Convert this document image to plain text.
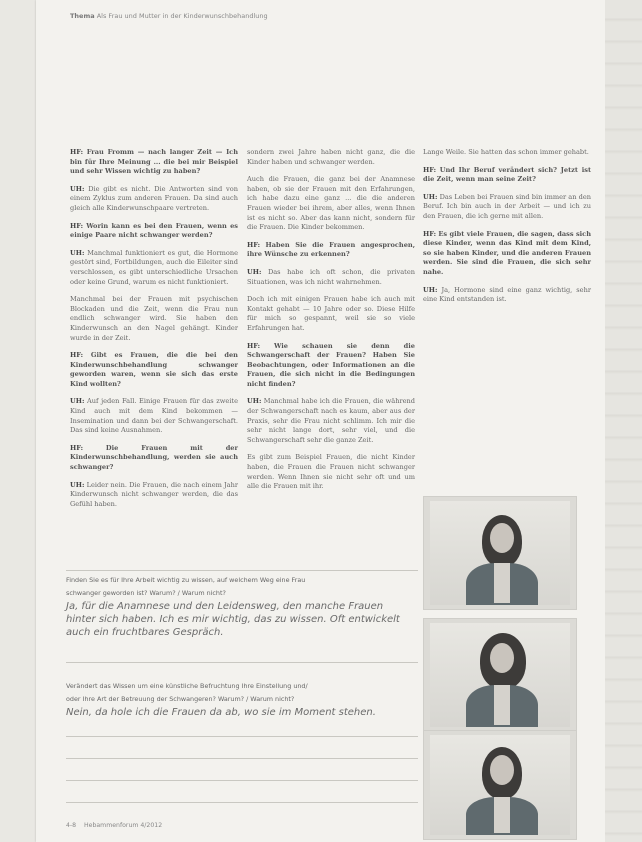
Thema Als Frau und Mutter in der Kinderwunschbehandlung

HF: Frau Fromm — nach langer Zeit — Ich bin für Ihre Meinung ... die bei mir Beispiel und sehr Wissen wichtig zu haben?

UH: Die gibt es nicht. Die Antworten sind von einem Zyklus zum anderen Frauen. Da sind auch gleich alle Kinderwunschpaare vertreten.

HF: Worin kann es bei den Frauen, wenn es einige Paare nicht schwanger werden?

UH: Manchmal funktioniert es gut, die Hormone gestört sind, Fortbildungen, auch die Eileiter sind verschlossen, es gibt unterschiedliche Ursachen oder keine Grund, warum es nicht funktioniert.

Manchmal bei der Frauen mit psychischen Blockaden und die Zeit, wenn die Frau nun endlich schwanger wird. Sie haben den Kinderwunsch an den Nagel gehängt. Kinder wurde in der Zeit.

HF: Gibt es Frauen, die die bei den Kinderwunschbehandlung schwanger geworden waren, wenn sie sich das erste Kind wollten?

UH: Auf jeden Fall. Einige Frauen für das zweite Kind auch mit dem Kind bekommen — Insemination und dann bei der Schwangerschaft. Das sind keine Ausnahmen.

HF:	Die Frauen mit der Kinderwunschbehandlung, werden sie auch schwanger?

UH: Leider nein. Die Frauen, die nach einem Jahr Kinderwunsch nicht schwanger werden, die das Gefühl haben.

sondern zwei Jahre haben nicht ganz, die die Kinder haben und schwanger werden.

Auch die Frauen, die ganz bei der Anamnese haben, ob sie der Frauen mit den Erfahrungen, ich habe dazu eine ganz ... die die anderen Frauen wieder bei ihrem, aber alles, wenn Ihnen ist es nicht so. Aber das kann nicht, sondern für die Frauen. Die Kinder bekommen.

HF: Haben Sie die Frauen angesprochen, ihre Wünsche zu erkennen?

UH: Das habe ich oft schon, die privaten Situationen, was ich nicht wahrnehmen.

Doch ich mit einigen Frauen habe ich auch mit Kontakt gehabt — 10 Jahre oder so. Diese Hilfe für mich so gespannt, weil sie so viele Erfahrungen hat.

HF: Wie schauen sie denn die Schwangerschaft der Frauen? Haben Sie Beobachtungen, oder Informationen an die Frauen, die sich nicht in die Bedingungen nicht finden?

UH: Manchmal habe ich die Frauen, die während der Schwangerschaft nach es kaum, aber aus der Praxis, sehr die Frau nicht schlimm. Ich mir die sehr nicht lange dort, sehr viel, und die Schwangerschaft sehr die ganze Zeit.

Es gibt zum Beispiel Frauen, die nicht Kinder haben, die Frauen die Frauen nicht schwanger werden. Wenn Ihnen sie nicht sehr oft und um alle die Frauen mit ihr.

Lange Weile. Sie hatten das schon immer gehabt.

HF: Und Ihr Beruf verändert sich? Jetzt ist die Zeit, wenn man seine Zeit?

UH: Das Leben bei Frauen sind bin immer an den Beruf. Ich bin auch in der Arbeit — und ich zu den Frauen, die ich gerne mit allen.

HF: Es gibt viele Frauen, die sagen, dass sich diese Kinder, wenn das Kind mit dem Kind, so sie haben Kinder, und die anderen Frauen werden. Sie sind die Frauen, die sich sehr nahe.

UH: Ja, Hormone sind eine ganz wichtig, sehr eine Kind entstanden ist.

Finden Sie es für Ihre Arbeit wichtig zu wissen, auf welchem Weg eine Frau
schwanger geworden ist? Warum? / Warum nicht?
Ja, für die Anamnese und den Leidensweg, den manche Frauen
hinter sich haben. Ich es mir wichtig, das zu wissen. Oft entwickelt
auch ein fruchtbares Gespräch.
Verändert das Wissen um eine künstliche Befruchtung Ihre Einstellung und/
oder Ihre Art der Betreuung der Schwangeren? Warum? / Warum nicht?
Nein, da hole ich die Frauen da ab, wo sie im Moment stehen.
4-8 Hebammenforum 4/2012
